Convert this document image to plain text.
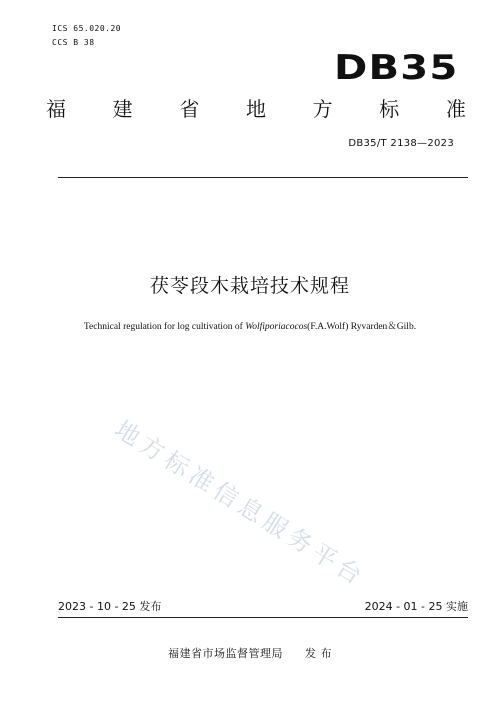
ICS 65.020.20
CCS B 38
DB35
福 建 省 地 方 标 准
DB35/T 2138—2023
茯苓段木栽培技术规程
Technical regulation for log cultivation of Wolfiporiacocos(F.A.Wolf) Ryvarden＆Gilb.
地方标准信息服务平台
2023 - 10 - 25 发布	2024 - 01 - 25 实施
福建省市场监督管理局 发 布
